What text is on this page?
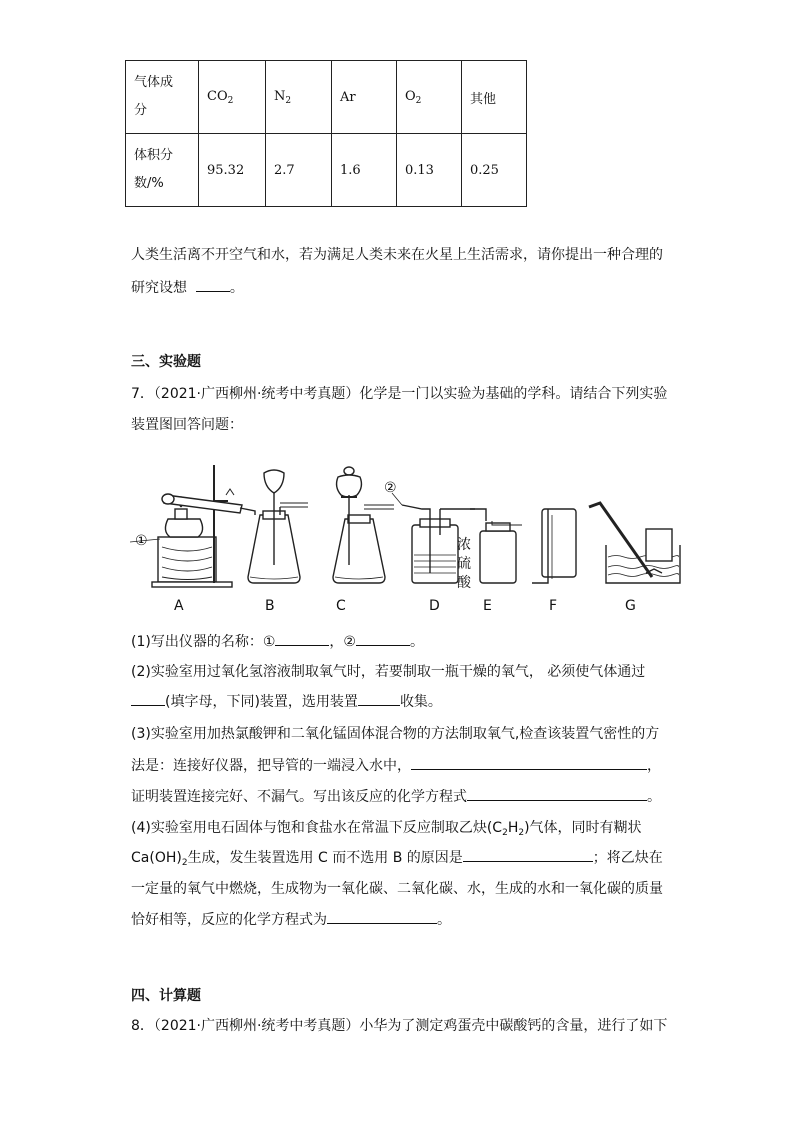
气体成
分	$CO_2$	$N_2$	Ar	$O_2$	其他
体积分
数/%	95.32	2.7	1.6	0.13	0.25
人类生活离不开空气和水，若为满足人类未来在火星上生活需求，请你提出一种合理的
研究设想	。
三、实验题
7．（2021·广西柳州·统考中考真题）化学是一门以实验为基础的学科。请结合下列实验
装置图回答问题：
①
②
浓
硫
酸
A	B	C	D	E	F	G
(1)写出仪器的名称：①	，②	。
(2)实验室用过氧化氢溶液制取氧气时，若要制取一瓶干燥的氧气， 必须使气体通过
(填字母，下同)装置，选用装置	收集。
(3)实验室用加热氯酸钾和二氧化锰固体混合物的方法制取氧气,检查该装置气密性的方
法是：连接好仪器，把导管的一端浸入水中，	，
证明装置连接完好、不漏气。写出该反应的化学方程式	。
(4)实验室用电石固体与饱和食盐水在常温下反应制取乙炔$(C_2H_2)$气体，同时有糊状
$Ca(OH)_2$生成，发生装置选用 C 而不选用 B 的原因是	；将乙炔在
一定量的氧气中燃烧，生成物为一氧化碳、二氧化碳、水，生成的水和一氧化碳的质量
恰好相等，反应的化学方程式为	。
四、计算题
8．（2021·广西柳州·统考中考真题）小华为了测定鸡蛋壳中碳酸钙的含量，进行了如下
